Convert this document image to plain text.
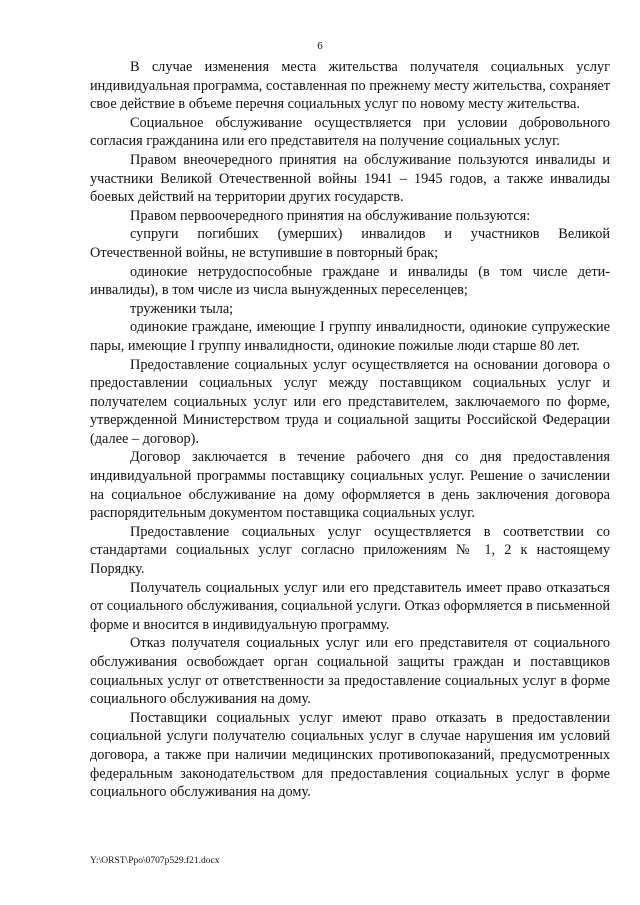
6

В случае изменения места жительства получателя социальных услуг индивидуальная программа, составленная по прежнему месту жительства, сохраняет свое действие в объеме перечня социальных услуг по новому месту жительства.

Социальное обслуживание осуществляется при условии добровольного согласия гражданина или его представителя на получение социальных услуг.

Правом внеочередного принятия на обслуживание пользуются инвалиды и участники Великой Отечественной войны 1941 – 1945 годов, а также инвалиды боевых действий на территории других государств.

Правом первоочередного принятия на обслуживание пользуются:

супруги погибших (умерших) инвалидов и участников Великой Отечественной войны, не вступившие в повторный брак;

одинокие нетрудоспособные граждане и инвалиды (в том числе дети-инвалиды), в том числе из числа вынужденных переселенцев;

труженики тыла;

одинокие граждане, имеющие I группу инвалидности, одинокие супружеские пары, имеющие I группу инвалидности, одинокие пожилые люди старше 80 лет.

Предоставление социальных услуг осуществляется на основании договора о предоставлении социальных услуг между поставщиком социальных услуг и получателем социальных услуг или его представителем, заключаемого по форме, утвержденной Министерством труда и социальной защиты Российской Федерации (далее – договор).

Договор заключается в течение рабочего дня со дня предоставления индивидуальной программы поставщику социальных услуг. Решение о зачислении на социальное обслуживание на дому оформляется в день заключения договора распорядительным документом поставщика социальных услуг.

Предоставление социальных услуг осуществляется в соответствии со стандартами социальных услуг согласно приложениям № 1, 2 к настоящему Порядку.

Получатель социальных услуг или его представитель имеет право отказаться от социального обслуживания, социальной услуги. Отказ оформляется в письменной форме и вносится в индивидуальную программу.

Отказ получателя социальных услуг или его представителя от социального обслуживания освобождает орган социальной защиты граждан и поставщиков социальных услуг от ответственности за предоставление социальных услуг в форме социального обслуживания на дому.

Поставщики социальных услуг имеют право отказать в предоставлении социальной услуги получателю социальных услуг в случае нарушения им условий договора, а также при наличии медицинских противопоказаний, предусмотренных федеральным законодательством для предоставления социальных услуг в форме социального обслуживания на дому.

Y:\ORST\Ppo\0707p529.f21.docx
